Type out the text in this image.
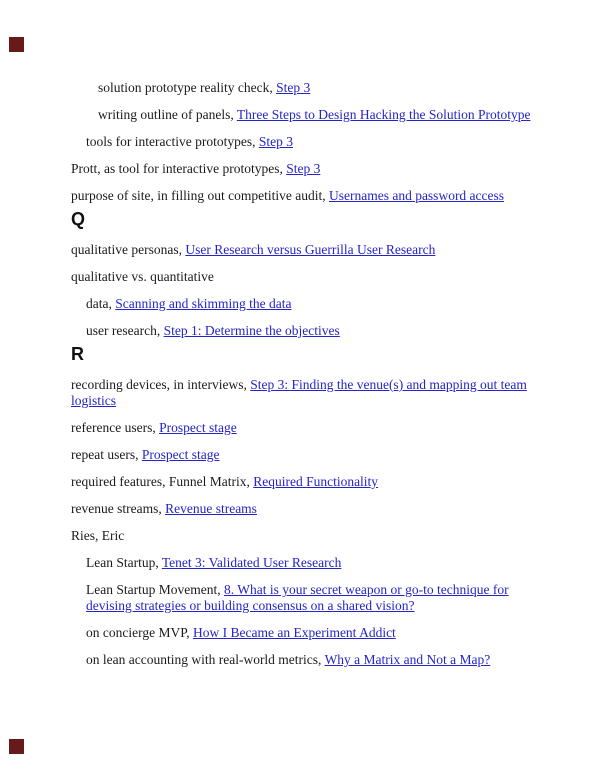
solution prototype reality check, Step 3

writing outline of panels, Three Steps to Design Hacking the Solution Prototype

tools for interactive prototypes, Step 3

Prott, as tool for interactive prototypes, Step 3

purpose of site, in filling out competitive audit, Usernames and password access

Q

qualitative personas, User Research versus Guerrilla User Research

qualitative vs. quantitative

data, Scanning and skimming the data

user research, Step 1: Determine the objectives

R

recording devices, in interviews, Step 3: Finding the venue(s) and mapping out team logistics

reference users, Prospect stage

repeat users, Prospect stage

required features, Funnel Matrix, Required Functionality

revenue streams, Revenue streams

Ries, Eric

Lean Startup, Tenet 3: Validated User Research

Lean Startup Movement, 8. What is your secret weapon or go-to technique for devising strategies or building consensus on a shared vision?

on concierge MVP, How I Became an Experiment Addict

on lean accounting with real-world metrics, Why a Matrix and Not a Map?
